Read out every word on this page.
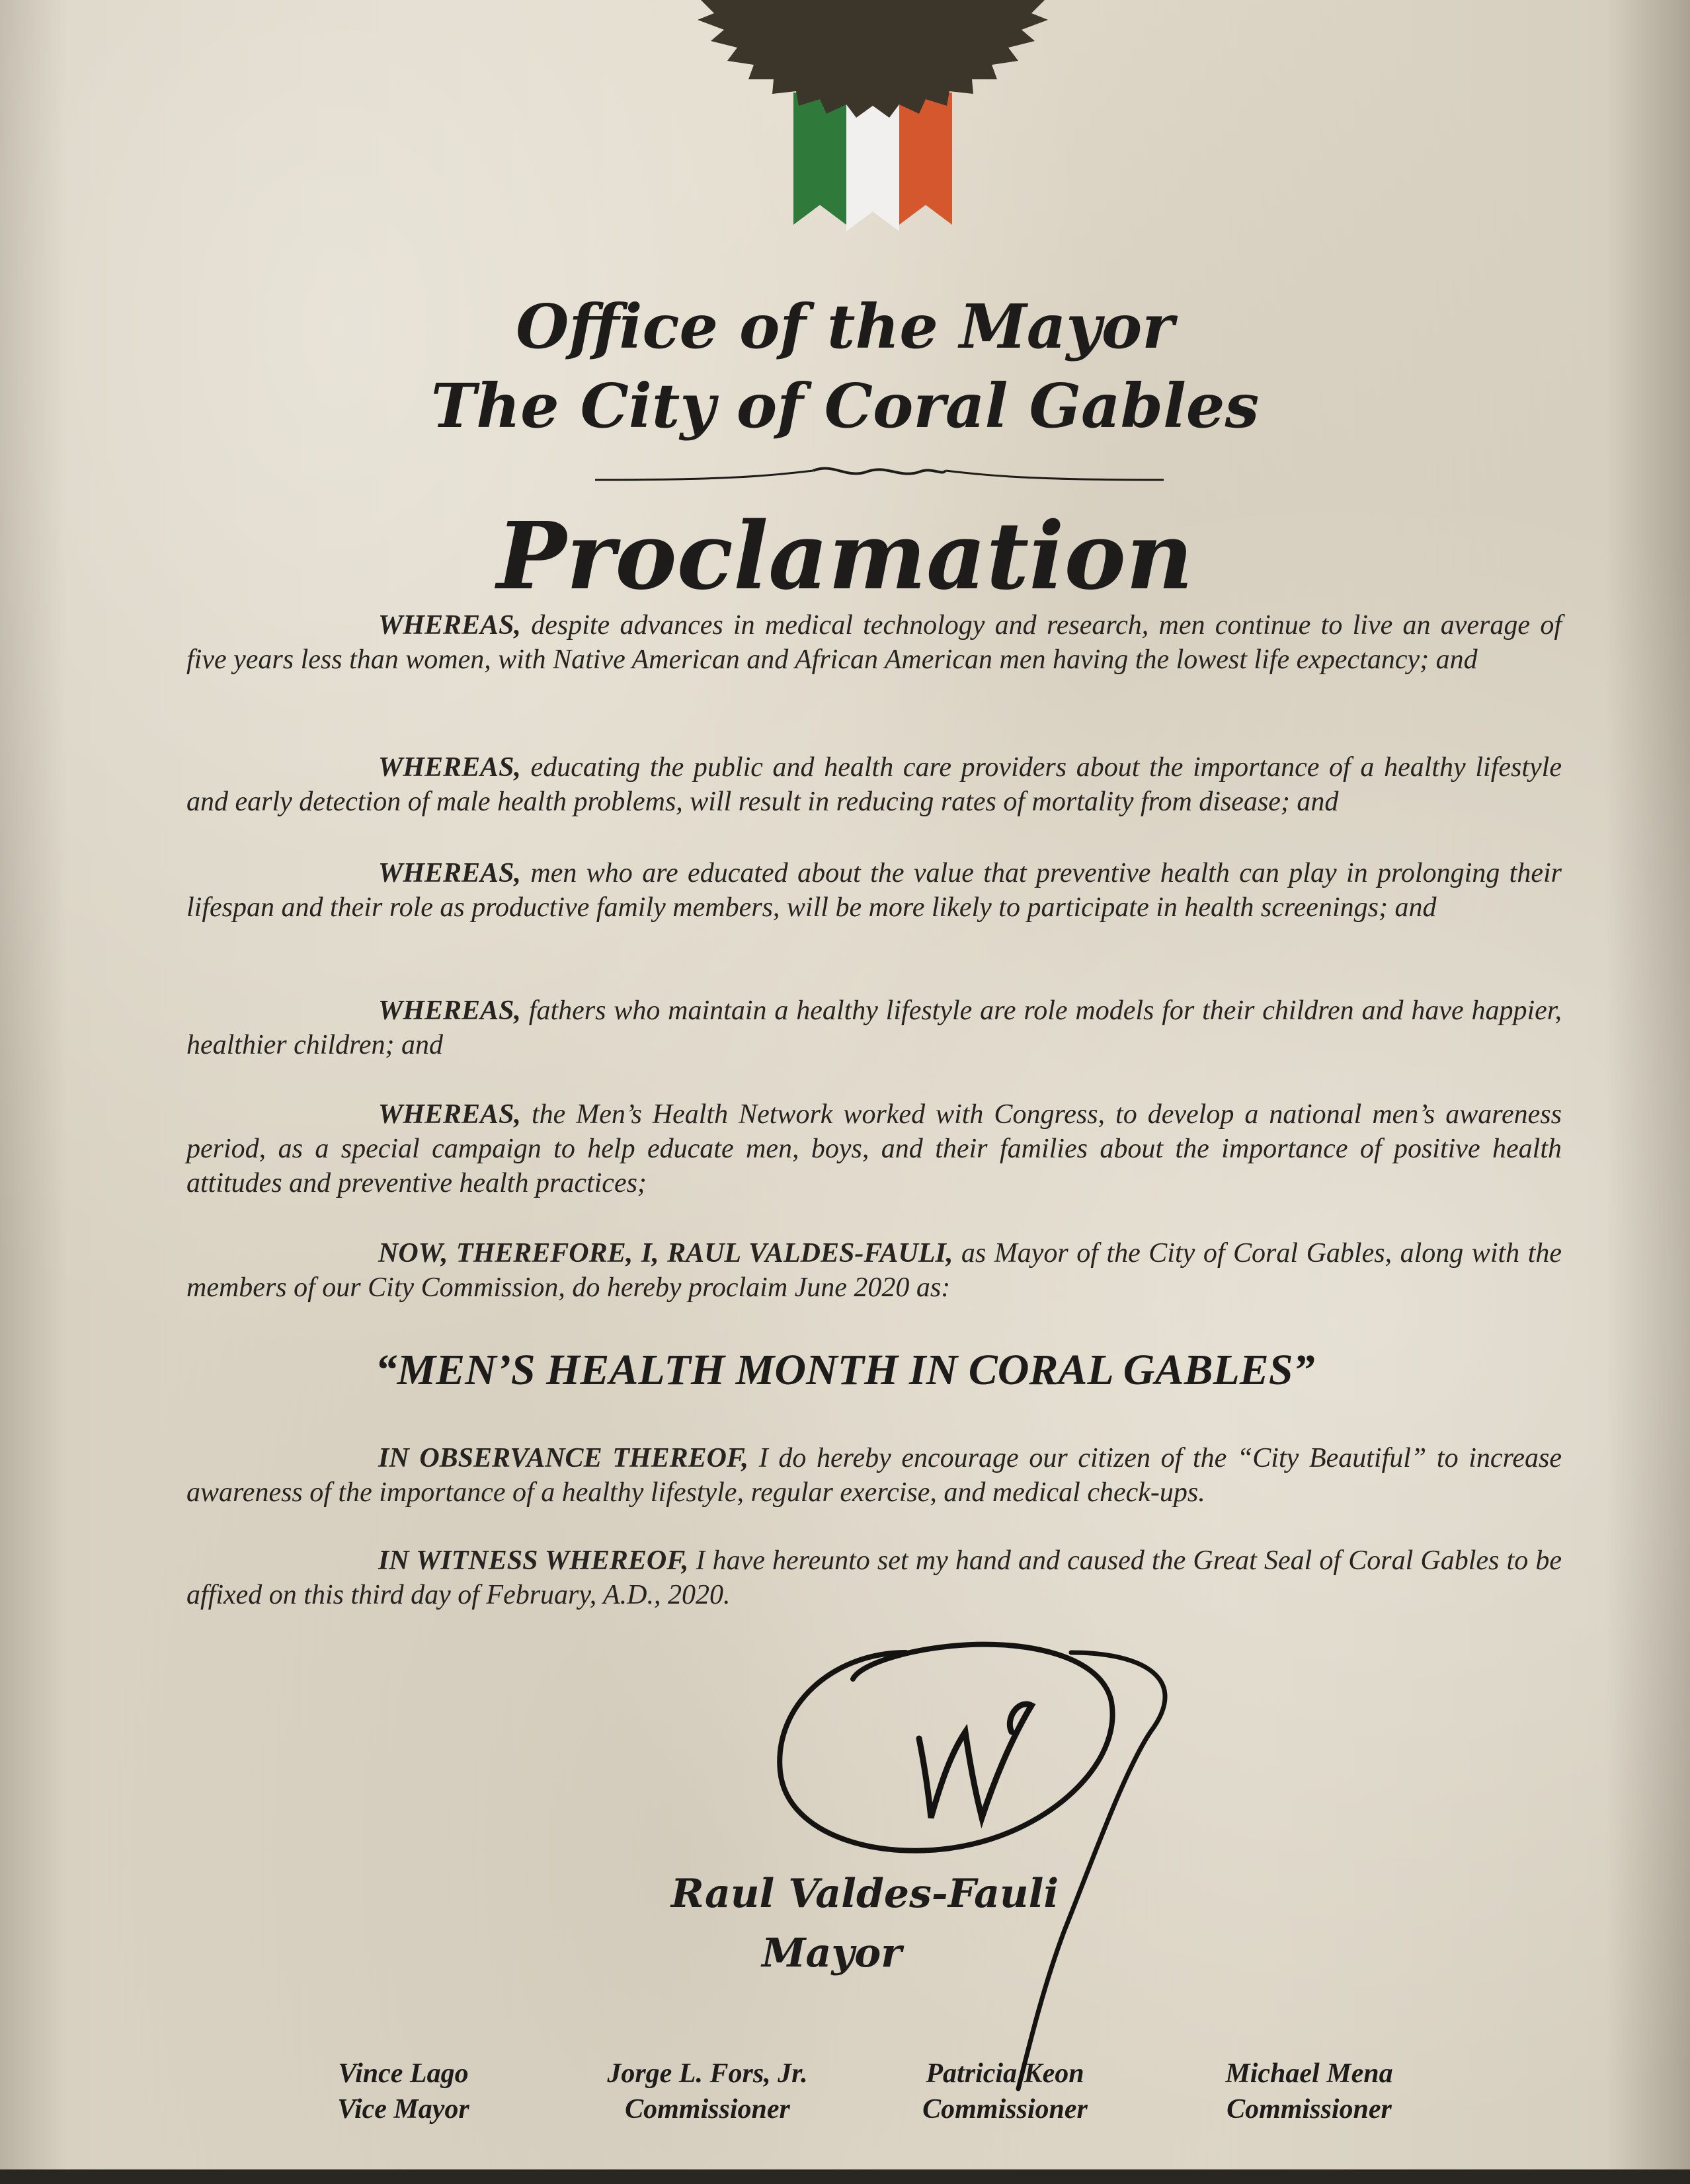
Office of the Mayor
The City of Coral Gables
Proclamation
WHEREAS, despite advances in medical technology and research, men continue to live an average of five years less than women, with Native American and African American men having the lowest life expectancy; and
WHEREAS, educating the public and health care providers about the importance of a healthy lifestyle and early detection of male health problems, will result in reducing rates of mortality from disease; and
WHEREAS, men who are educated about the value that preventive health can play in prolonging their lifespan and their role as productive family members, will be more likely to participate in health screenings; and
WHEREAS, fathers who maintain a healthy lifestyle are role models for their children and have happier, healthier children; and
WHEREAS, the Men’s Health Network worked with Congress, to develop a national men’s awareness period, as a special campaign to help educate men, boys, and their families about the importance of positive health attitudes and preventive health practices;
NOW, THEREFORE, I, RAUL VALDES-FAULI, as Mayor of the City of Coral Gables, along with the members of our City Commission, do hereby proclaim June 2020 as:
“MEN’S HEALTH MONTH IN CORAL GABLES”
IN OBSERVANCE THEREOF, I do hereby encourage our citizen of the “City Beautiful” to increase awareness of the importance of a healthy lifestyle, regular exercise, and medical check-ups.
IN WITNESS WHEREOF, I have hereunto set my hand and caused the Great Seal of Coral Gables to be affixed on this third day of February, A.D., 2020.
Raul Valdes-Fauli
Mayor
Vince Lago
Vice Mayor
Jorge L. Fors, Jr.
Commissioner
Patricia Keon
Commissioner
Michael Mena
Commissioner
